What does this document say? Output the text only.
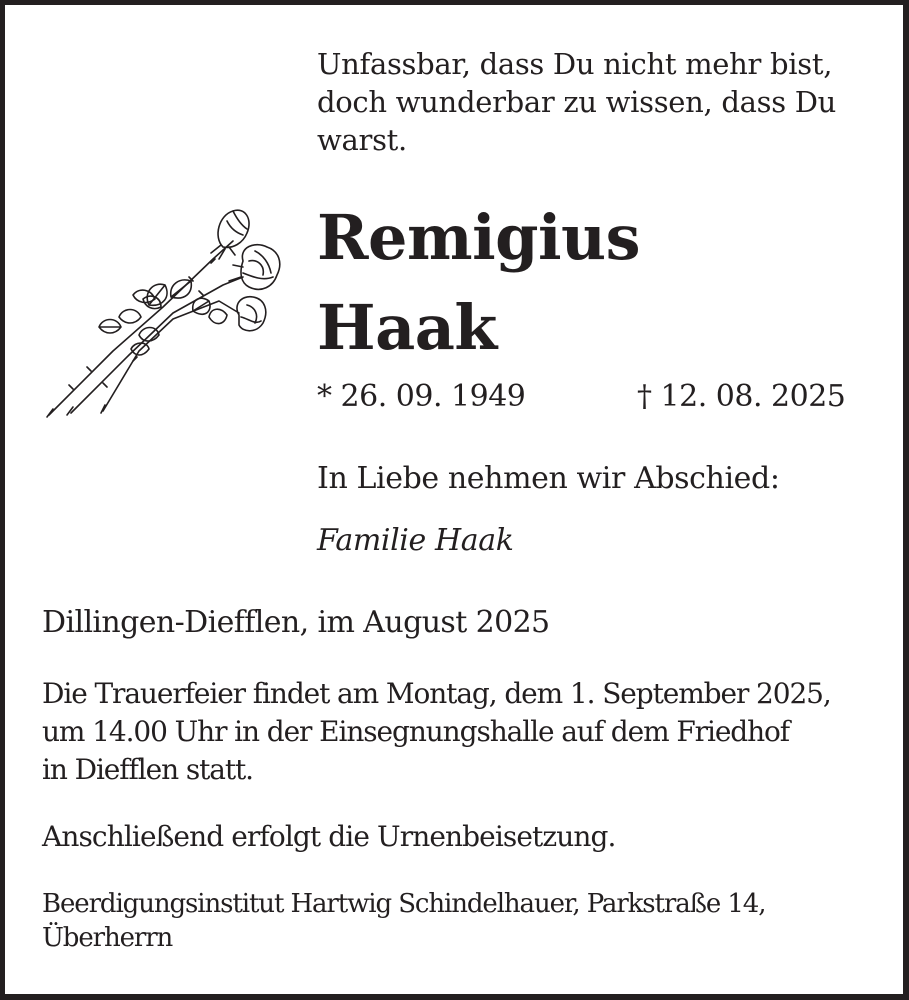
Unfassbar, dass Du nicht mehr bist,
doch wunderbar zu wissen, dass Du
warst.
Remigius
Haak
* 26. 09. 1949	† 12. 08. 2025
In Liebe nehmen wir Abschied:
Familie Haak
Dillingen-Diefflen, im August 2025
Die Trauerfeier findet am Montag, dem 1. September 2025,
um 14.00 Uhr in der Einsegnungshalle auf dem Friedhof
in Diefflen statt.
Anschließend erfolgt die Urnenbeisetzung.
Beerdigungsinstitut Hartwig Schindelhauer, Parkstraße 14,
Überherrn
